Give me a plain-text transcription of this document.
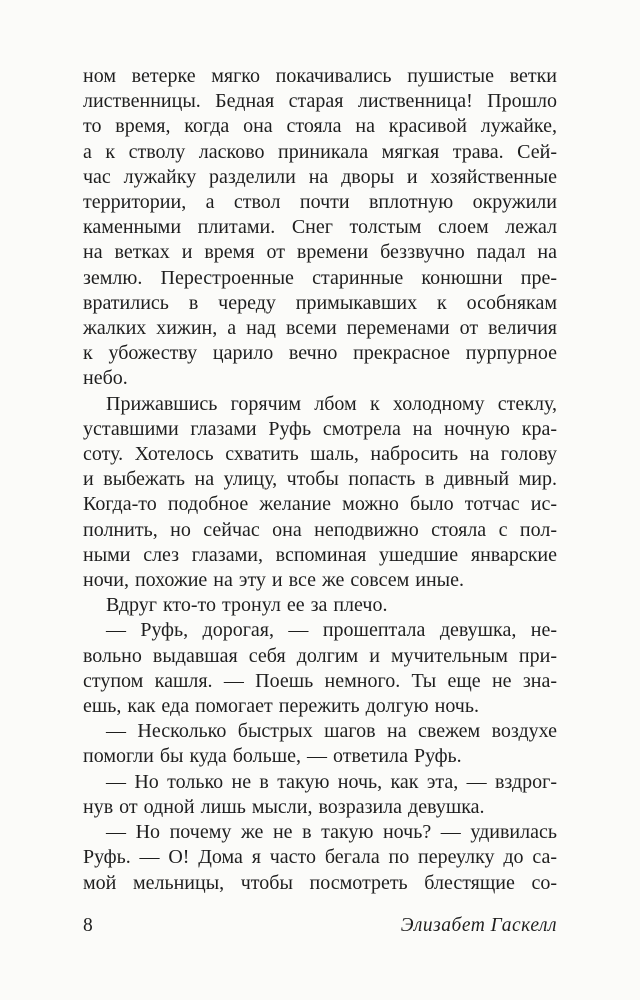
ном ветерке мягко покачивались пушистые ветки
лиственницы. Бедная старая лиственница! Прошло
то время, когда она стояла на красивой лужайке,
а к стволу ласково приникала мягкая трава. Сей-
час лужайку разделили на дворы и хозяйственные
территории, а ствол почти вплотную окружили
каменными плитами. Снег толстым слоем лежал
на ветках и время от времени беззвучно падал на
землю. Перестроенные старинные конюшни пре-
вратились в череду примыкавших к особнякам
жалких хижин, а над всеми переменами от величия
к убожеству царило вечно прекрасное пурпурное
небо.
Прижавшись горячим лбом к холодному стеклу,
уставшими глазами Руфь смотрела на ночную кра-
соту. Хотелось схватить шаль, набросить на голову
и выбежать на улицу, чтобы попасть в дивный мир.
Когда-то подобное желание можно было тотчас ис-
полнить, но сейчас она неподвижно стояла с пол-
ными слез глазами, вспоминая ушедшие январские
ночи, похожие на эту и все же совсем иные.
Вдруг кто-то тронул ее за плечо.
— Руфь, дорогая, — прошептала девушка, не-
вольно выдавшая себя долгим и мучительным при-
ступом кашля. — Поешь немного. Ты еще не зна-
ешь, как еда помогает пережить долгую ночь.
— Несколько быстрых шагов на свежем воздухе
помогли бы куда больше, — ответила Руфь.
— Но только не в такую ночь, как эта, — вздрог-
нув от одной лишь мысли, возразила девушка.
— Но почему же не в такую ночь? — удивилась
Руфь. — О! Дома я часто бегала по переулку до са-
мой мельницы, чтобы посмотреть блестящие со-
8	Элизабет Гаскелл
